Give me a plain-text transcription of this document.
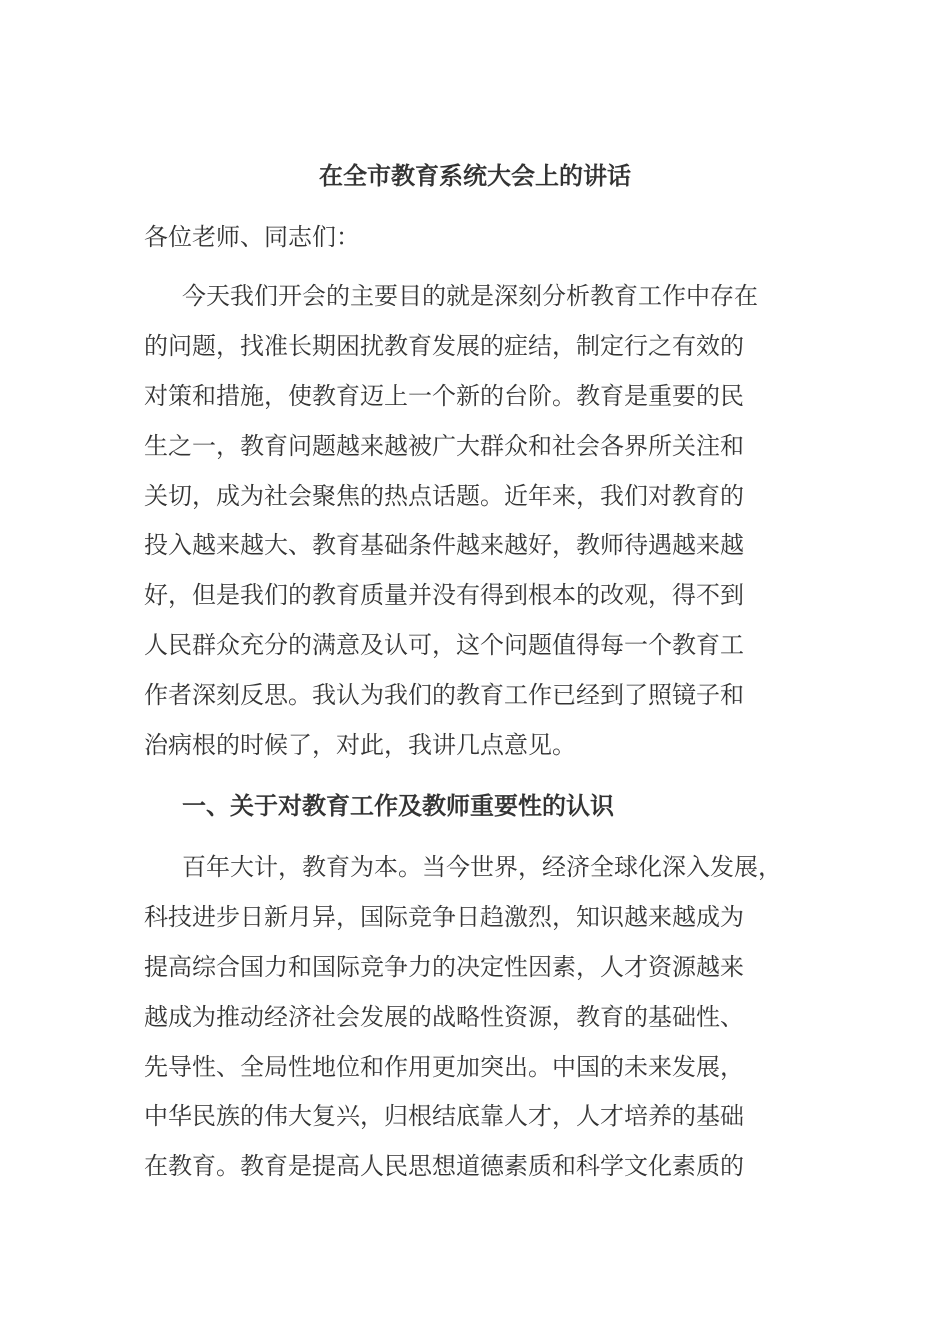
在全市教育系统大会上的讲话

各位老师、同志们：

今天我们开会的主要目的就是深刻分析教育工作中存在
的问题，找准长期困扰教育发展的症结，制定行之有效的
对策和措施，使教育迈上一个新的台阶。教育是重要的民
生之一，教育问题越来越被广大群众和社会各界所关注和
关切，成为社会聚焦的热点话题。近年来，我们对教育的
投入越来越大、教育基础条件越来越好，教师待遇越来越
好，但是我们的教育质量并没有得到根本的改观，得不到
人民群众充分的满意及认可，这个问题值得每一个教育工
作者深刻反思。我认为我们的教育工作已经到了照镜子和
治病根的时候了，对此，我讲几点意见。
一、关于对教育工作及教师重要性的认识
百年大计，教育为本。当今世界，经济全球化深入发展，
科技进步日新月异，国际竞争日趋激烈，知识越来越成为
提高综合国力和国际竞争力的决定性因素，人才资源越来
越成为推动经济社会发展的战略性资源，教育的基础性、
先导性、全局性地位和作用更加突出。中国的未来发展，
中华民族的伟大复兴，归根结底靠人才，人才培养的基础
在教育。教育是提高人民思想道德素质和科学文化素质的
